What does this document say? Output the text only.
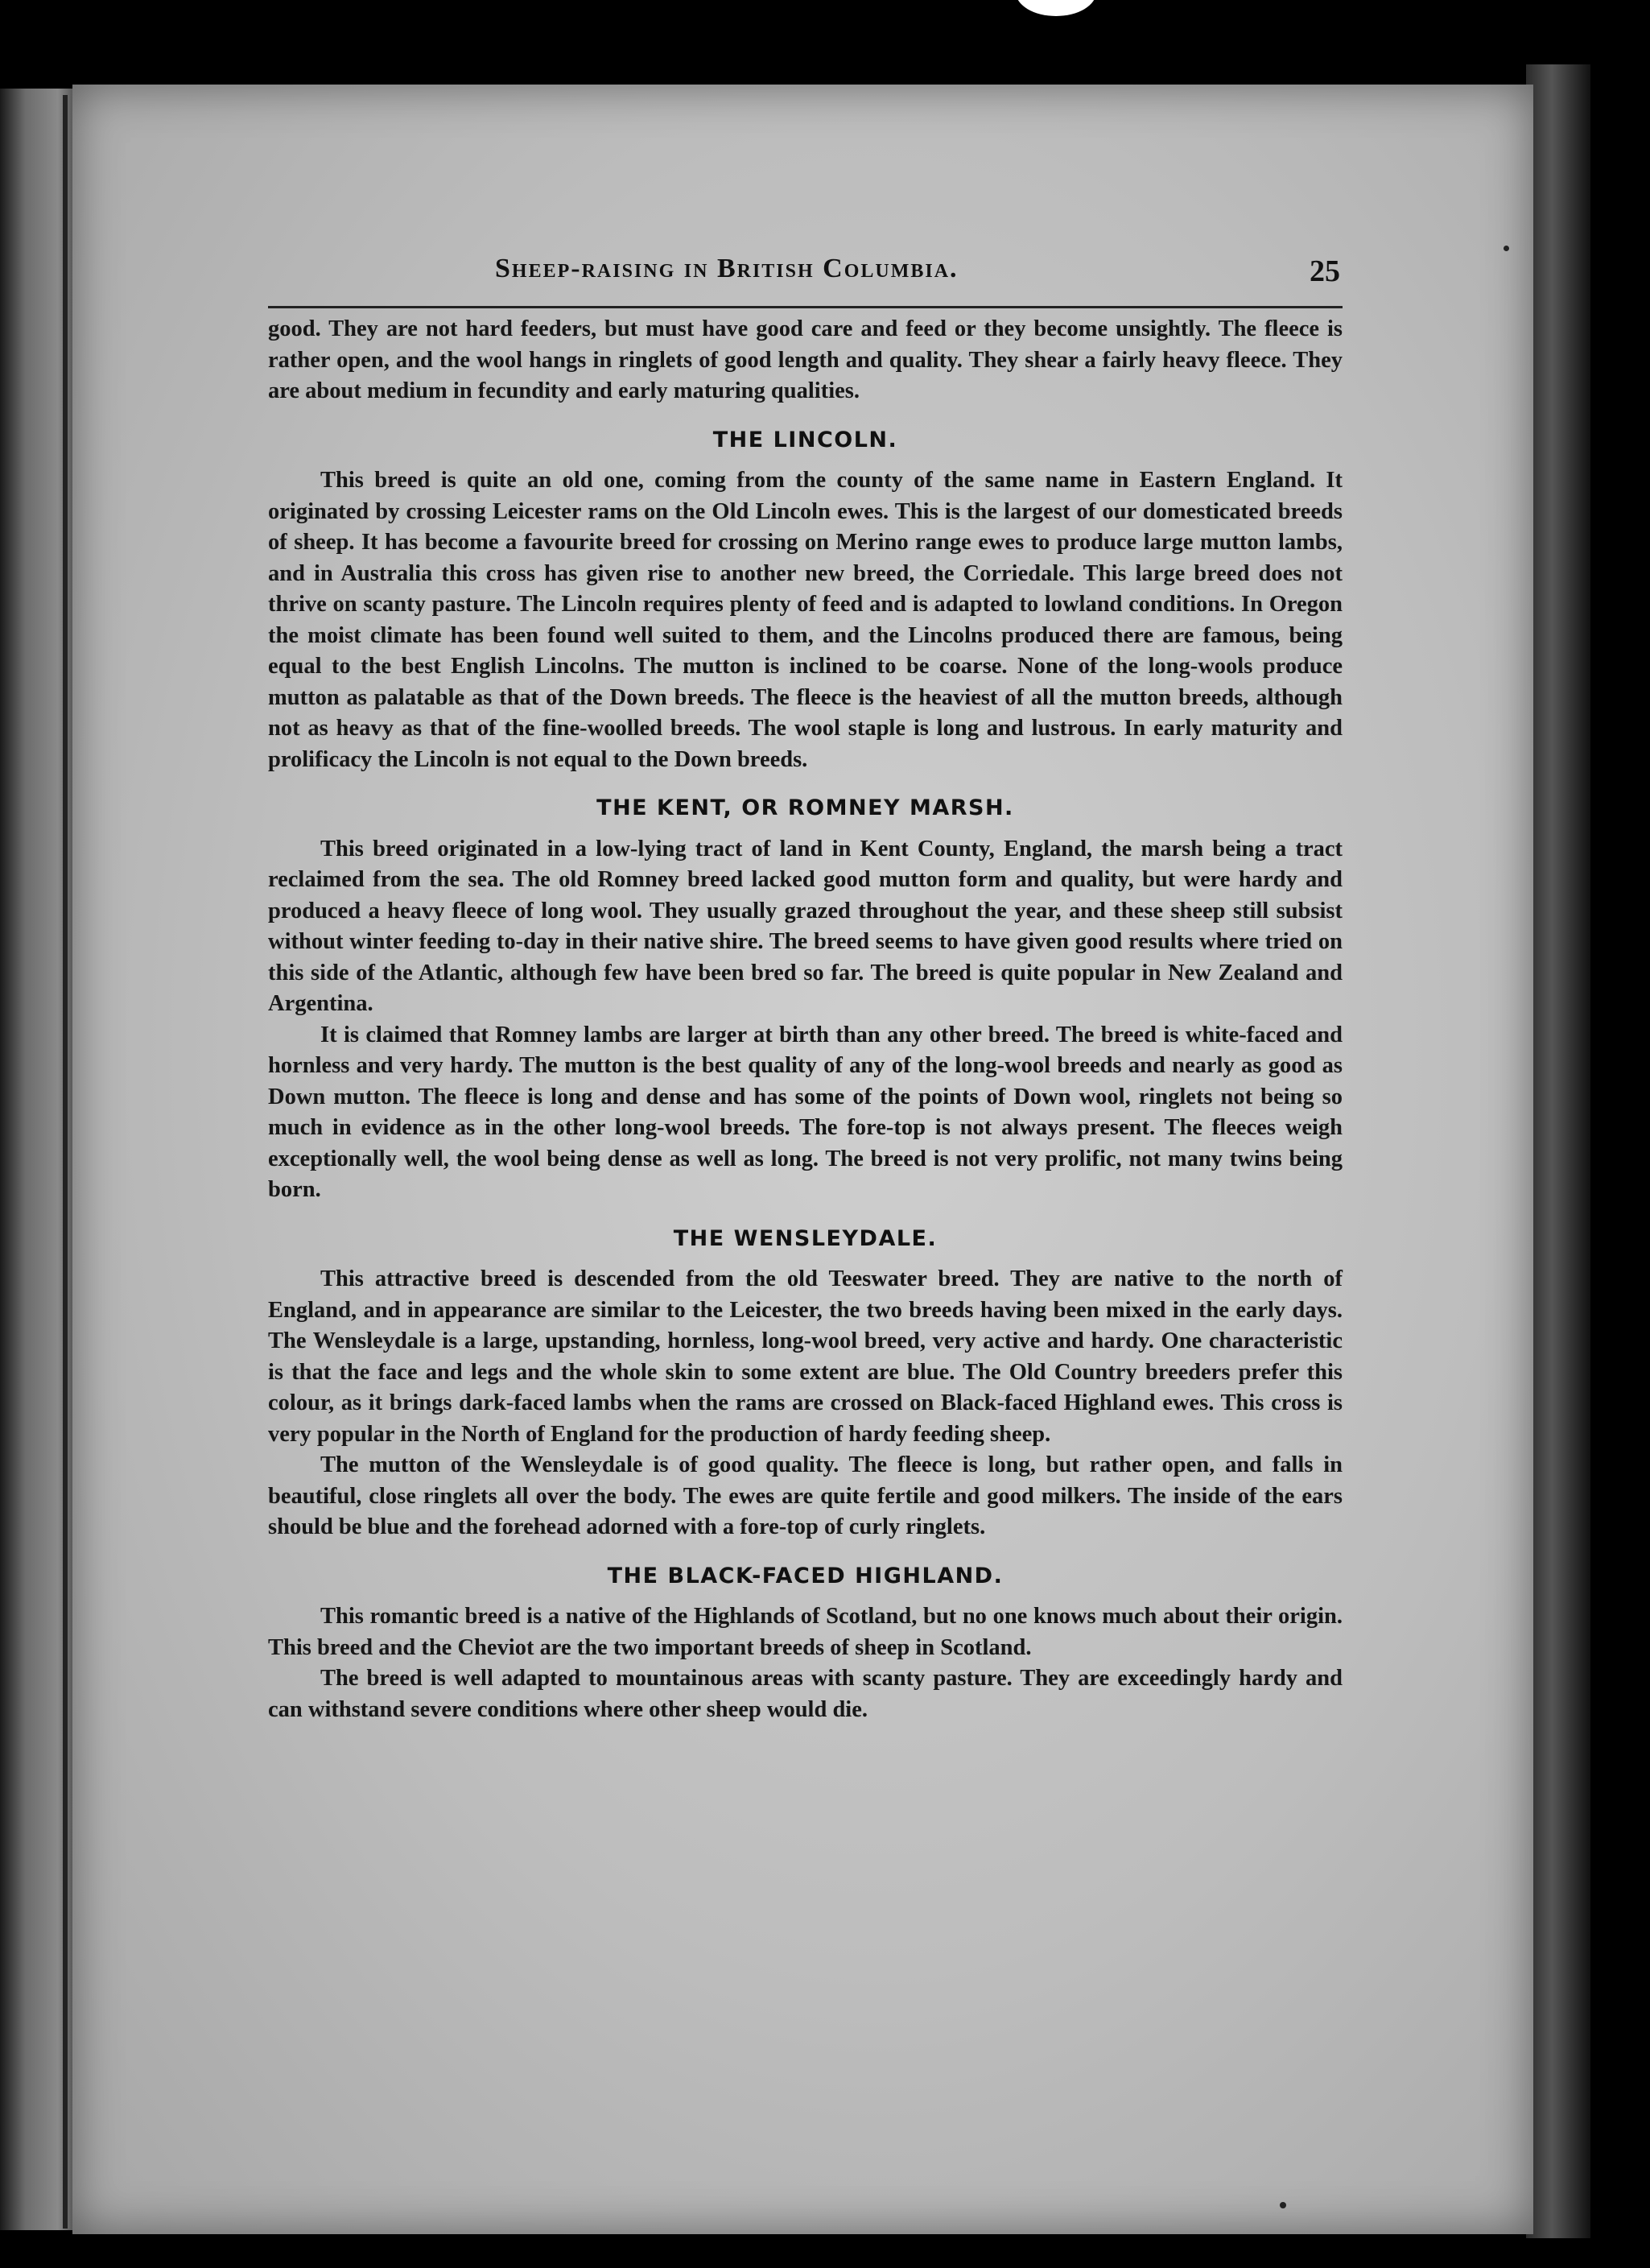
Sheep-raising in British Columbia.	25

good. They are not hard feeders, but must have good care and feed or they become unsightly. The fleece is rather open, and the wool hangs in ringlets of good length and quality. They shear a fairly heavy fleece. They are about medium in fecundity and early maturing qualities.

THE LINCOLN.

This breed is quite an old one, coming from the county of the same name in Eastern England. It originated by crossing Leicester rams on the Old Lincoln ewes. This is the largest of our domesticated breeds of sheep. It has become a favourite breed for crossing on Merino range ewes to produce large mutton lambs, and in Australia this cross has given rise to another new breed, the Corriedale. This large breed does not thrive on scanty pasture. The Lincoln requires plenty of feed and is adapted to lowland conditions. In Oregon the moist climate has been found well suited to them, and the Lincolns produced there are famous, being equal to the best English Lincolns. The mutton is inclined to be coarse. None of the long-wools produce mutton as palatable as that of the Down breeds. The fleece is the heaviest of all the mutton breeds, although not as heavy as that of the fine-woolled breeds. The wool staple is long and lustrous. In early maturity and prolificacy the Lincoln is not equal to the Down breeds.

THE KENT, OR ROMNEY MARSH.

This breed originated in a low-lying tract of land in Kent County, England, the marsh being a tract reclaimed from the sea. The old Romney breed lacked good mutton form and quality, but were hardy and produced a heavy fleece of long wool. They usually grazed throughout the year, and these sheep still subsist without winter feeding to-day in their native shire. The breed seems to have given good results where tried on this side of the Atlantic, although few have been bred so far. The breed is quite popular in New Zealand and Argentina.

It is claimed that Romney lambs are larger at birth than any other breed. The breed is white-faced and hornless and very hardy. The mutton is the best quality of any of the long-wool breeds and nearly as good as Down mutton. The fleece is long and dense and has some of the points of Down wool, ringlets not being so much in evidence as in the other long-wool breeds. The fore-top is not always present. The fleeces weigh exceptionally well, the wool being dense as well as long. The breed is not very prolific, not many twins being born.

THE WENSLEYDALE.

This attractive breed is descended from the old Teeswater breed. They are native to the north of England, and in appearance are similar to the Leicester, the two breeds having been mixed in the early days. The Wensleydale is a large, upstanding, hornless, long-wool breed, very active and hardy. One characteristic is that the face and legs and the whole skin to some extent are blue. The Old Country breeders prefer this colour, as it brings dark-faced lambs when the rams are crossed on Black-faced Highland ewes. This cross is very popular in the North of England for the production of hardy feeding sheep.

The mutton of the Wensleydale is of good quality. The fleece is long, but rather open, and falls in beautiful, close ringlets all over the body. The ewes are quite fertile and good milkers. The inside of the ears should be blue and the forehead adorned with a fore-top of curly ringlets.

THE BLACK-FACED HIGHLAND.

This romantic breed is a native of the Highlands of Scotland, but no one knows much about their origin. This breed and the Cheviot are the two important breeds of sheep in Scotland.

The breed is well adapted to mountainous areas with scanty pasture. They are exceedingly hardy and can withstand severe conditions where other sheep would die.
